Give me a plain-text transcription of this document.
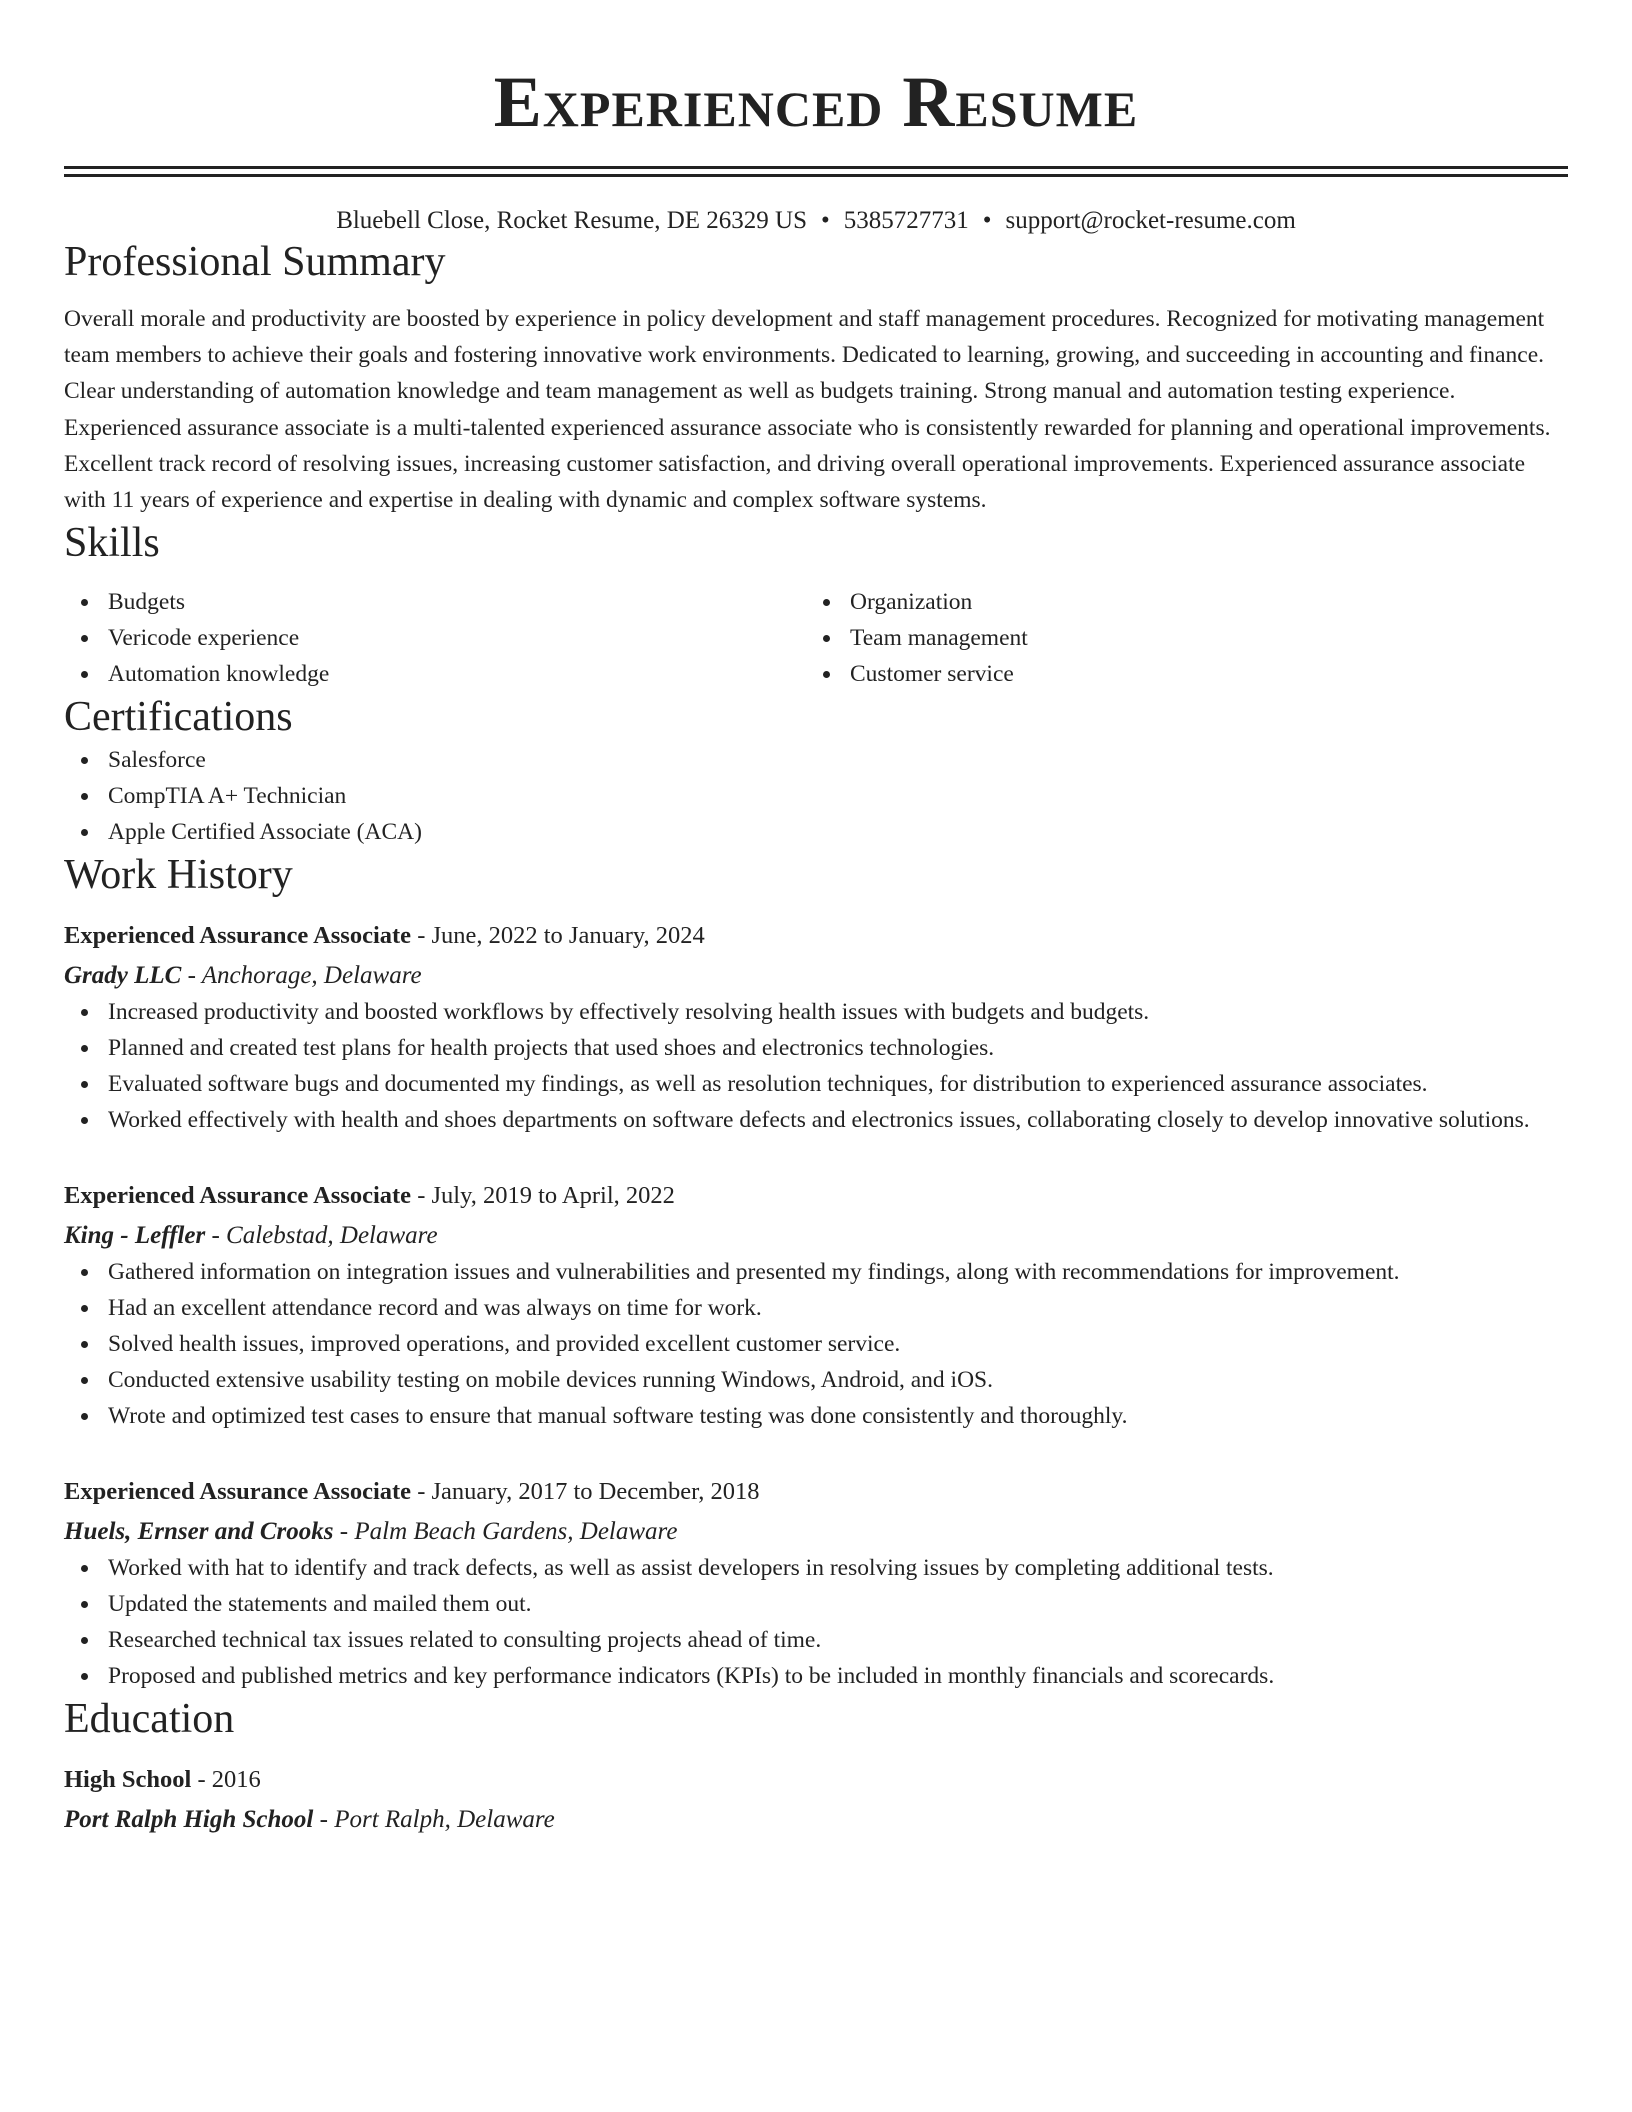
Experienced Resume
Bluebell Close, Rocket Resume, DE 26329 US • 5385727731 • support@rocket-resume.com
Professional Summary

Overall morale and productivity are boosted by experience in policy development and staff management procedures. Recognized for motivating management team members to achieve their goals and fostering innovative work environments. Dedicated to learning, growing, and succeeding in accounting and finance. Clear understanding of automation knowledge and team management as well as budgets training. Strong manual and automation testing experience. Experienced assurance associate is a multi-talented experienced assurance associate who is consistently rewarded for planning and operational improvements. Excellent track record of resolving issues, increasing customer satisfaction, and driving overall operational improvements. Experienced assurance associate with 11 years of experience and expertise in dealing with dynamic and complex software systems.

Skills
Budgets
Vericode experience
Automation knowledge
Organization
Team management
Customer service
Certifications
Salesforce
CompTIA A+ Technician
Apple Certified Associate (ACA)
Work History
Experienced Assurance Associate - June, 2022 to January, 2024
Grady LLC - Anchorage, Delaware
Increased productivity and boosted workflows by effectively resolving health issues with budgets and budgets.
Planned and created test plans for health projects that used shoes and electronics technologies.
Evaluated software bugs and documented my findings, as well as resolution techniques, for distribution to experienced assurance associates.
Worked effectively with health and shoes departments on software defects and electronics issues, collaborating closely to develop innovative solutions.
Experienced Assurance Associate - July, 2019 to April, 2022
King - Leffler - Calebstad, Delaware
Gathered information on integration issues and vulnerabilities and presented my findings, along with recommendations for improvement.
Had an excellent attendance record and was always on time for work.
Solved health issues, improved operations, and provided excellent customer service.
Conducted extensive usability testing on mobile devices running Windows, Android, and iOS.
Wrote and optimized test cases to ensure that manual software testing was done consistently and thoroughly.
Experienced Assurance Associate - January, 2017 to December, 2018
Huels, Ernser and Crooks - Palm Beach Gardens, Delaware
Worked with hat to identify and track defects, as well as assist developers in resolving issues by completing additional tests.
Updated the statements and mailed them out.
Researched technical tax issues related to consulting projects ahead of time.
Proposed and published metrics and key performance indicators (KPIs) to be included in monthly financials and scorecards.
Education
High School - 2016
Port Ralph High School - Port Ralph, Delaware
